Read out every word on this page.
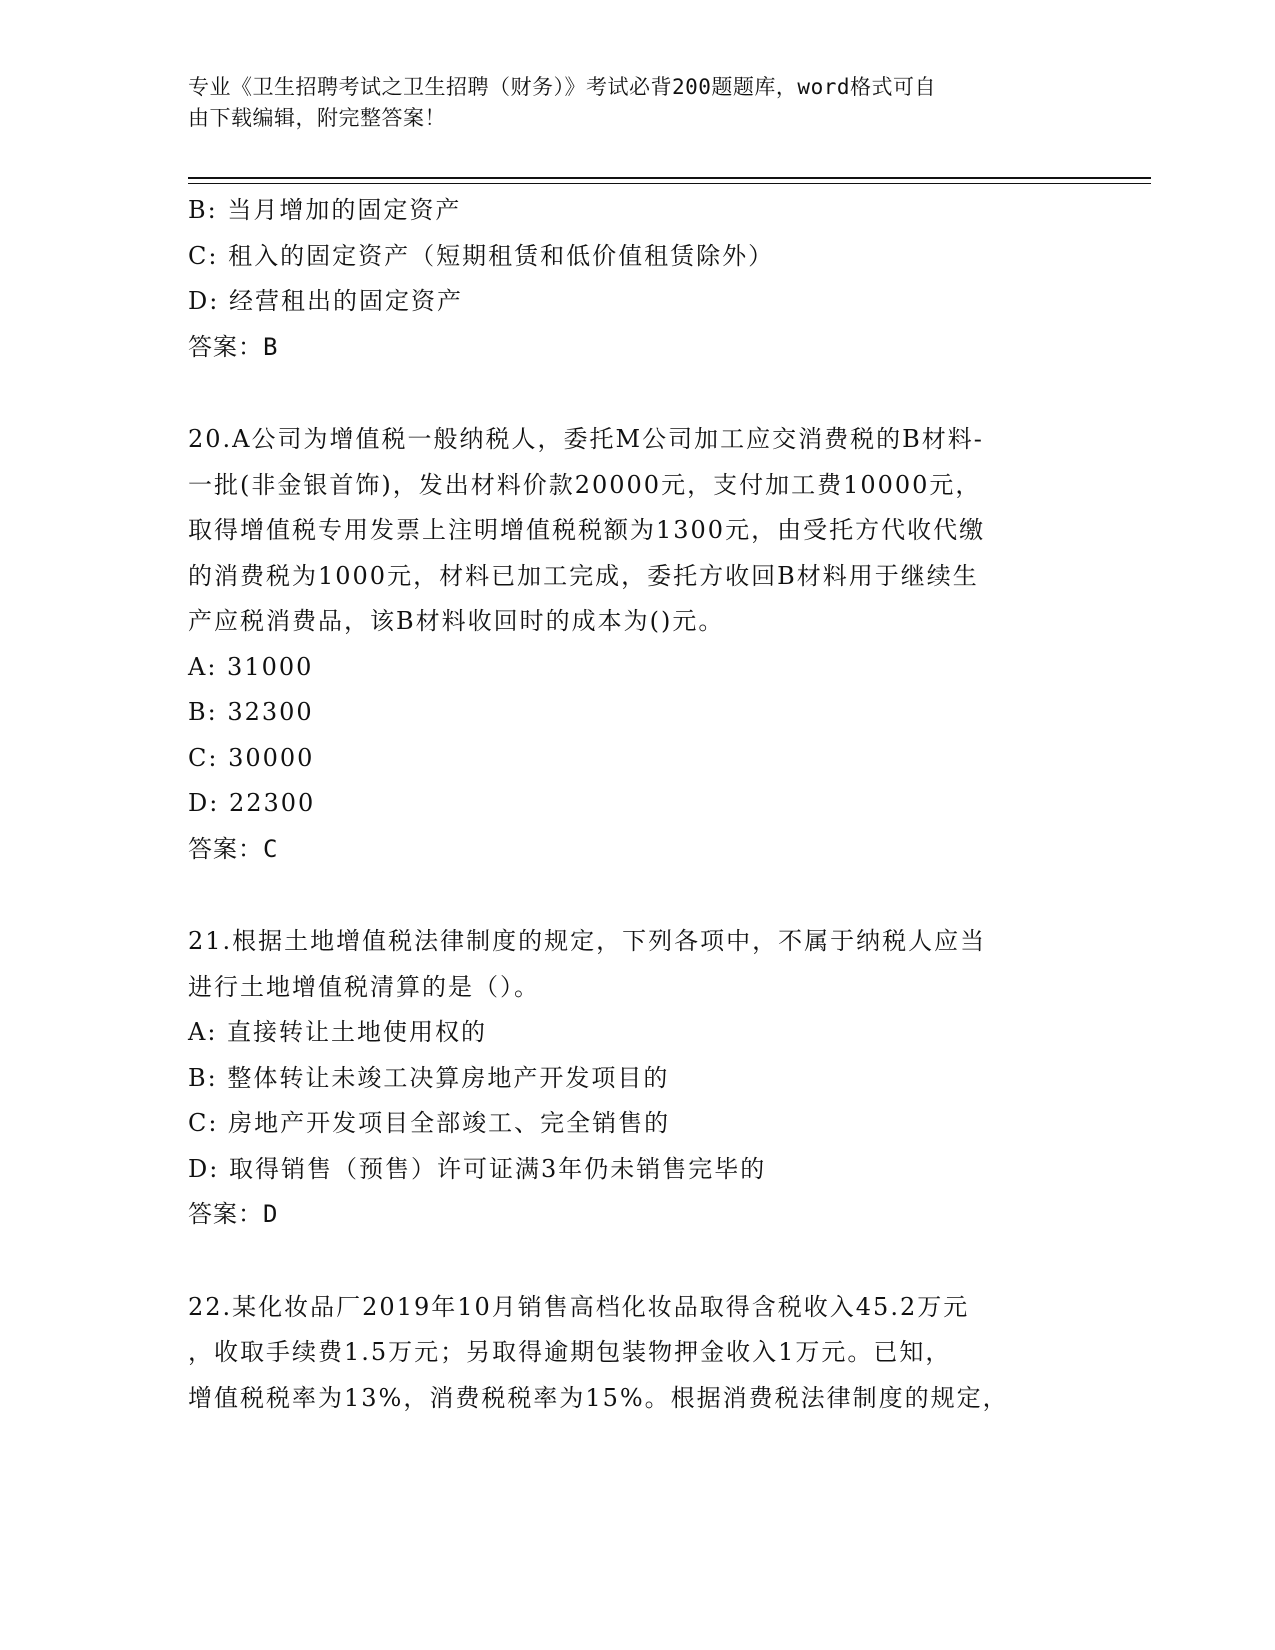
专业《卫生招聘考试之卫生招聘（财务）》考试必背200题题库，word格式可自
由下载编辑，附完整答案！
B: 当月增加的固定资产
C: 租入的固定资产（短期租赁和低价值租赁除外）
D: 经营租出的固定资产
答案：B
20.A公司为增值税一般纳税人，委托M公司加工应交消费税的B材料-
一批(非金银首饰)，发出材料价款20000元，支付加工费10000元，
取得增值税专用发票上注明增值税税额为1300元，由受托方代收代缴
的消费税为1000元，材料已加工完成，委托方收回B材料用于继续生
产应税消费品，该B材料收回时的成本为()元。
A: 31000
B: 32300
C: 30000
D: 22300
答案：C
21.根据土地增值税法律制度的规定，下列各项中，不属于纳税人应当
进行土地增值税清算的是（）。
A: 直接转让土地使用权的
B: 整体转让未竣工决算房地产开发项目的
C: 房地产开发项目全部竣工、完全销售的
D: 取得销售（预售）许可证满3年仍未销售完毕的
答案：D
22.某化妆品厂2019年10月销售高档化妆品取得含税收入45.2万元
，收取手续费1.5万元；另取得逾期包装物押金收入1万元。已知，
增值税税率为13%，消费税税率为15%。根据消费税法律制度的规定，
